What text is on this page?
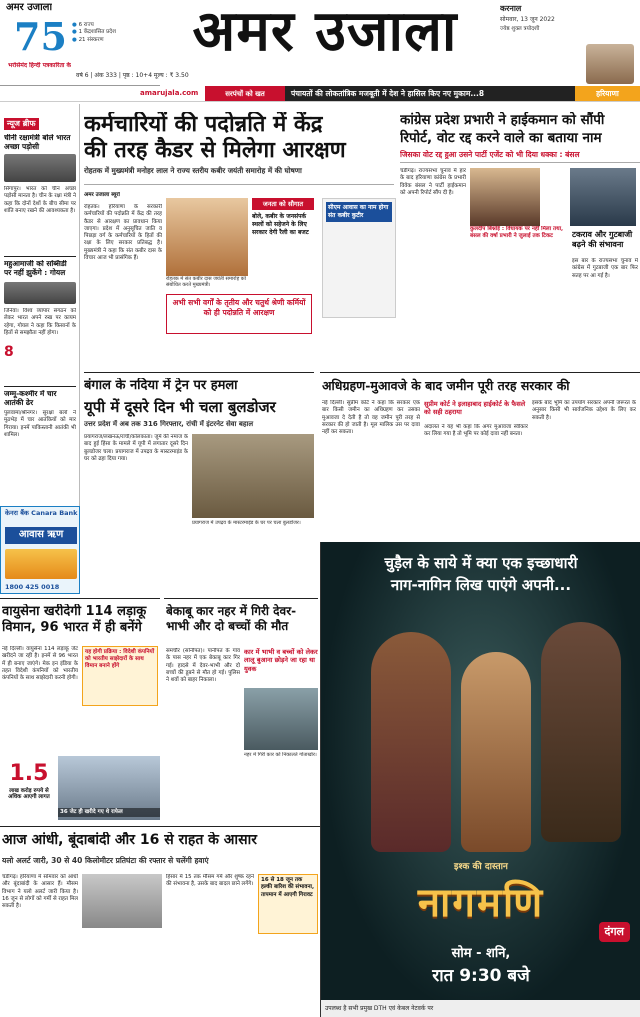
अमर उजाला
75
भरोसेमंद हिन्दी पत्रकारिता के
● 6 राज्य
● 1 केंद्रशासित प्रदेश
● 21 संस्करण	अमर उजाला
वर्ष 6 | अंक 333 | पृष्ठ : 10+4 मूल्य : ₹ 3.50
करनाल
सोमवार, 13 जून 2022
ज्येष्ठ शुक्ल त्रयोदशी
amarujala.com	सरपंचों को खत	पंचायतों की लोकतांत्रिक मजबूती में देश ने हासिल किए नए मुकाम...8	हरियाणा
न्यूज ब्रीफ
चीनी रक्षामंत्री बोले भारत अच्छा पड़ोसी
सिंगापुर। भारत को चीन अच्छा पड़ोसी मानता है। चीन के रक्षा मंत्री ने कहा कि दोनों देशों के बीच सीमा पर शांति बनाए रखने की आवश्यकता है।
महुआमाजी को सब्सिडी पर नहीं झुकेंगे : गोयल
8
जिनेवा। विश्व व्यापार संगठन को लेकर भारत अपने रुख पर कायम रहेगा, गोयल ने कहा कि किसानों के हितों से समझौता नहीं होगा।
जम्मू-कश्मीर में चार आतंकी ढेर
पुलवामा/श्रीनगर। सुरक्षा बलों ने मुठभेड़ में चार आतंकियों को मार गिराया। इनमें पाकिस्तानी आतंकी भी शामिल।
केनरा बैंक Canara Bank
आवास ऋण
1800 425 0018
कर्मचारियों की पदोन्नति में केंद्र
की तरह कैडर से मिलेगा आरक्षण
रोहतक में मुख्यमंत्री मनोहर लाल ने राज्य स्तरीय कबीर जयंती समारोह में की घोषणा
अमर उजाला ब्यूरो
रोहतक। हरियाणा के सरकारी कर्मचारियों की पदोन्नति में केंद्र की तरह कैडर से आरक्षण का प्रावधान किया जाएगा। प्रदेश में अनुसूचित जाति व पिछड़ा वर्ग के कर्मचारियों के हितों की रक्षा के लिए सरकार प्रतिबद्ध है। मुख्यमंत्री ने कहा कि संत कबीर दास के विचार आज भी प्रासंगिक हैं।
रोहतक में संत कबीर दास जयंती समारोह को संबोधित करते मुख्यमंत्री।
जनता को सौगात
बोले, कबीर के जनसंपर्क स्थलों को सहेजने के लिए सरकार देगी रैली का बजट
अभी सभी वर्गों के तृतीय और चतुर्थ श्रेणी कर्मियों को ही पदोन्नति में आरक्षण
सीएम आवास का नाम होगा संत कबीर कुटीर
कांग्रेस प्रदेश प्रभारी ने हाईकमान को सौंपी
रिपोर्ट, वोट रद्द करने वाले का बताया नाम
जिसका वोट रद्द हुआ उसने पार्टी एजेंट को भी दिया धक्का : बंसल
कुलदीप बिश्नोई : विधायक पर नहीं मिला तथा, बंसल की वर्षा प्रभारी ने जुलाई तक टिकट	टकराव और गुटबाजी बढ़ने की संभावना
इस बार के राज्यसभा चुनाव में कांग्रेस में गुटबाजी एक बार फिर सतह पर आ गई है।
चंडीगढ़। राज्यसभा चुनाव में हार के बाद हरियाणा कांग्रेस के प्रभारी विवेक बंसल ने पार्टी हाईकमान को अपनी रिपोर्ट सौंप दी है।
बंगाल के नदिया में ट्रेन पर हमला
यूपी में दूसरे दिन भी चला बुलडोजर
उत्तर प्रदेश में अब तक 316 गिरफ्तार, रांची में इंटरनेट सेवा बहाल
प्रयागराज/लखनऊ/रांची/कोलकाता। जुमे की नमाज के बाद हुई हिंसा के मामले में यूपी में लगातार दूसरे दिन बुलडोजर चला। प्रयागराज में उपद्रव के मास्टरमाइंड के घर को ढहा दिया गया।
प्रयागराज में उपद्रव के मास्टरमाइंड के घर पर चला बुलडोजर।
अधिग्रहण-मुआवजे के बाद जमीन पूरी तरह सरकार की
नई दिल्ली। सुप्रीम कोर्ट ने कहा कि सरकार एक बार किसी जमीन का अधिग्रहण कर उसका मुआवजा दे देती है तो वह जमीन पूरी तरह से सरकार की हो जाती है। मूल मालिक उस पर दावा नहीं कर सकता।
सुप्रीम कोर्ट ने इलाहाबाद हाईकोर्ट के फैसले को सही ठहराया
अदालत ने यह भी कहा कि अगर मुआवजा स्वीकार कर लिया गया है तो भूमि पर कोई दावा नहीं बनता।
इसके बाद भूमि का उपयोग सरकार अपनी जरूरत के अनुसार किसी भी सार्वजनिक उद्देश्य के लिए कर सकती है।
वायुसेना खरीदेगी 114 लड़ाकू विमान, 96 भारत में ही बनेंगे
नई दिल्ली। वायुसेना 114 लड़ाकू जेट खरीदने जा रही है। इनमें से 96 भारत में ही बनाए जाएंगे। मेक इन इंडिया के तहत विदेशी कंपनियों को भारतीय कंपनियों के साथ साझेदारी करनी होगी।
यह होगी प्रक्रिया : विदेशी कंपनियों को भारतीय साझेदारों के साथ विमान बनाने होंगे
1.5
लाख करोड़ रुपये से अधिक आएगी लागत
36 जेट ही खरीदे गए थे राफेल
बेकाबू कार नहर में गिरी देवर-भाभी और दो बच्चों की मौत
समचौर (सोनीपत)। पानीपत के गांव के पास नहर में एक बेकाबू कार गिर गई। हादसे में देवर-भाभी और दो बच्चों की डूबने से मौत हो गई। पुलिस ने शवों को बाहर निकाला।
कार में भाभी व बच्चों को लेकर लालू बुआना छोड़ने जा रहा था युवक
नहर में गिरी कार को निकालते गोताखोर।
चुड़ैल के साये में क्या एक इच्छाधारी
नाग-नागिन लिख पाएंगे अपनी...
इश्क की दास्तान
नागमणि
दंगल
सोम - शनि,
रात 9:30 बजे
उपलब्ध है सभी प्रमुख DTH एवं केबल नेटवर्क पर
आज आंधी, बूंदाबांदी और 16 से राहत के आसार
यलो अलर्ट जारी, 30 से 40 किलोमीटर प्रतिघंटा की रफ्तार से चलेंगी हवाएं
चंडीगढ़। हरियाणा में सोमवार को आंधी और बूंदाबांदी के आसार हैं। मौसम विभाग ने यलो अलर्ट जारी किया है। 16 जून से लोगों को गर्मी से राहत मिल सकती है।
हिसार में 15 तक मौसम गर्म और शुष्क रहने की संभावना है, उसके बाद बादल छाने लगेंगे।
16 से 18 जून तक हल्की बारिश की संभावना, तापमान में आएगी गिरावट
